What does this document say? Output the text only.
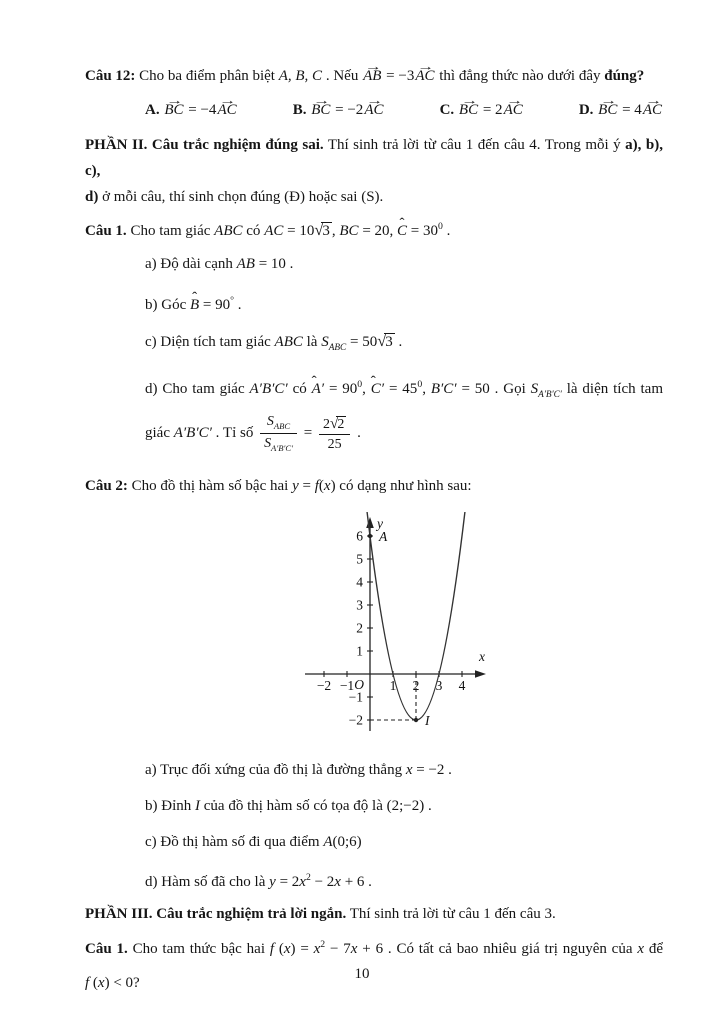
Câu 12: Cho ba điểm phân biệt A, B, C . Nếu AB → = −3AC → thì đẳng thức nào dưới đây đúng?
A. BC → = −4AC →	B. BC → = −2AC →	C. BC → = 2AC →	D. BC → = 4AC →
PHẦN II. Câu trắc nghiệm đúng sai. Thí sinh trả lời từ câu 1 đến câu 4. Trong mỗi ý a), b), c),
d) ở mỗi câu, thí sinh chọn đúng (Đ) hoặc sai (S).
Câu 1. Cho tam giác ABC có AC = 10 √ 3 , BC = 20, C ˆ = $30^0$ .
a) Độ dài cạnh AB = 10 .
b) Góc B ˆ = 90° .
c) Diện tích tam giác ABC là $S_{ABC} = 50$ √ 3 .
d) Cho tam giác A′B′C′ có A′ ˆ = $90^0$, C′ ˆ = $45^0$, B′C′ = 50 . Gọi $S_{A'B'C'}$ là diện tích tam
giác A′B′C′ . Tỉ số $\frac{S_{ABC}}{S_{A'B'C'}} = \frac{2 √ 2}{25}$ .
Câu 2: Cho đồ thị hàm số bậc hai y = f(x) có dạng như hình sau:
x
y
O
−2 −1	1 2 3 4
6
5
4
3
2
1
−1
−2
A
I
a) Trục đối xứng của đồ thị là đường thẳng x = −2 .
b) Đỉnh I của đồ thị hàm số có tọa độ là (2;−2) .
c) Đồ thị hàm số đi qua điểm A(0;6)
d) Hàm số đã cho là $y = 2x^2 - 2x + 6$ .
PHẦN III. Câu trắc nghiệm trả lời ngắn. Thí sinh trả lời từ câu 1 đến câu 3.
Câu 1. Cho tam thức bậc hai f $(x) = x^2 - 7x + 6$ . Có tất cả bao nhiêu giá trị nguyên của x để
f (x) < 0?
10
